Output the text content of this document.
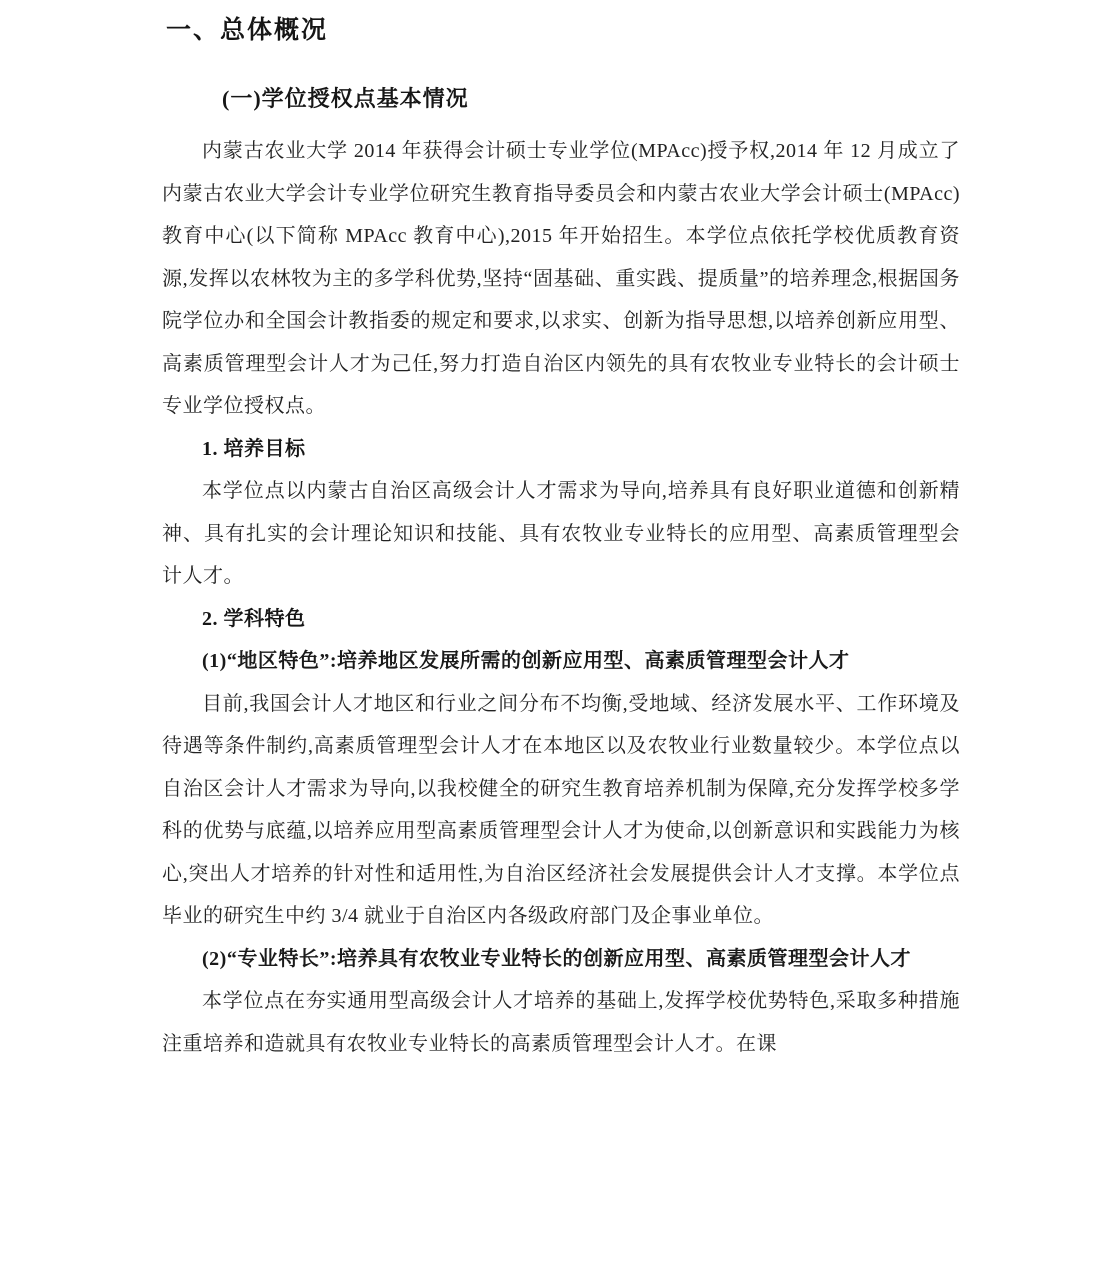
一、总体概况
(一)学位授权点基本情况
内蒙古农业大学 2014 年获得会计硕士专业学位(MPAcc)授予权,2014 年 12 月成立了内蒙古农业大学会计专业学位研究生教育指导委员会和内蒙古农业大学会计硕士(MPAcc)教育中心(以下简称 MPAcc 教育中心),2015 年开始招生。本学位点依托学校优质教育资源,发挥以农林牧为主的多学科优势,坚持“固基础、重实践、提质量”的培养理念,根据国务院学位办和全国会计教指委的规定和要求,以求实、创新为指导思想,以培养创新应用型、高素质管理型会计人才为己任,努力打造自治区内领先的具有农牧业专业特长的会计硕士专业学位授权点。
1. 培养目标
本学位点以内蒙古自治区高级会计人才需求为导向,培养具有良好职业道德和创新精神、具有扎实的会计理论知识和技能、具有农牧业专业特长的应用型、高素质管理型会计人才。
2. 学科特色
(1)“地区特色”:培养地区发展所需的创新应用型、高素质管理型会计人才
目前,我国会计人才地区和行业之间分布不均衡,受地域、经济发展水平、工作环境及待遇等条件制约,高素质管理型会计人才在本地区以及农牧业行业数量较少。本学位点以自治区会计人才需求为导向,以我校健全的研究生教育培养机制为保障,充分发挥学校多学科的优势与底蕴,以培养应用型高素质管理型会计人才为使命,以创新意识和实践能力为核心,突出人才培养的针对性和适用性,为自治区经济社会发展提供会计人才支撑。本学位点毕业的研究生中约 3/4 就业于自治区内各级政府部门及企事业单位。
(2)“专业特长”:培养具有农牧业专业特长的创新应用型、高素质管理型会计人才
本学位点在夯实通用型高级会计人才培养的基础上,发挥学校优势特色,采取多种措施注重培养和造就具有农牧业专业特长的高素质管理型会计人才。在课
